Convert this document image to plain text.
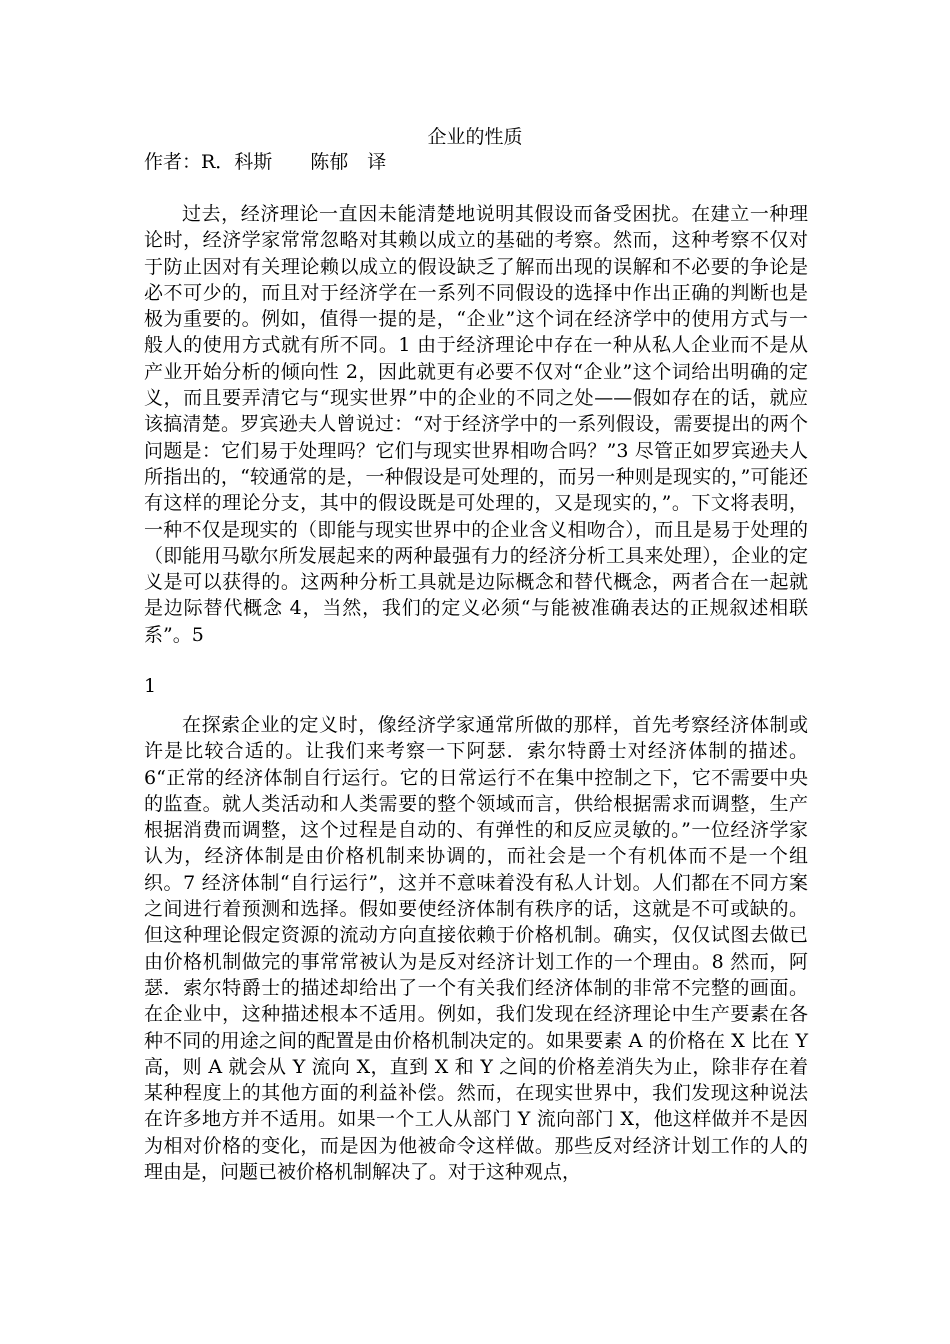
企业的性质
作者：R．科斯　　陈郁　译

过去，经济理论一直因未能清楚地说明其假设而备受困扰。在建立一种理论时，经济学家常常忽略对其赖以成立的基础的考察。然而，这种考察不仅对于防止因对有关理论赖以成立的假设缺乏了解而出现的误解和不必要的争论是必不可少的，而且对于经济学在一系列不同假设的选择中作出正确的判断也是极为重要的。例如，值得一提的是，“企业”这个词在经济学中的使用方式与一般人的使用方式就有所不同。1 由于经济理论中存在一种从私人企业而不是从产业开始分析的倾向性 2，因此就更有必要不仅对“企业”这个词给出明确的定义，而且要弄清它与“现实世界”中的企业的不同之处——假如存在的话，就应该搞清楚。罗宾逊夫人曾说过：“对于经济学中的一系列假设，需要提出的两个问题是：它们易于处理吗？它们与现实世界相吻合吗？”3 尽管正如罗宾逊夫人所指出的，“较通常的是，一种假设是可处理的，而另一种则是现实的，”可能还有这样的理论分支，其中的假设既是可处理的，又是现实的，”。下文将表明，一种不仅是现实的（即能与现实世界中的企业含义相吻合），而且是易于处理的（即能用马歇尔所发展起来的两种最强有力的经济分析工具来处理），企业的定义是可以获得的。这两种分析工具就是边际概念和替代概念，两者合在一起就是边际替代概念 4，当然，我们的定义必须“与能被准确表达的正规叙述相联系”。5

1

在探索企业的定义时，像经济学家通常所做的那样，首先考察经济体制或许是比较合适的。让我们来考察一下阿瑟．索尔特爵士对经济体制的描述。6“正常的经济体制自行运行。它的日常运行不在集中控制之下，它不需要中央的监查。就人类活动和人类需要的整个领域而言，供给根据需求而调整，生产根据消费而调整，这个过程是自动的、有弹性的和反应灵敏的。”一位经济学家认为，经济体制是由价格机制来协调的，而社会是一个有机体而不是一个组织。7 经济体制“自行运行”，这并不意味着没有私人计划。人们都在不同方案之间进行着预测和选择。假如要使经济体制有秩序的话，这就是不可或缺的。但这种理论假定资源的流动方向直接依赖于价格机制。确实，仅仅试图去做已由价格机制做完的事常常被认为是反对经济计划工作的一个理由。8 然而，阿瑟．索尔特爵士的描述却给出了一个有关我们经济体制的非常不完整的画面。在企业中，这种描述根本不适用。例如，我们发现在经济理论中生产要素在各种不同的用途之间的配置是由价格机制决定的。如果要素 A 的价格在 X 比在 Y 高，则 A 就会从 Y 流向 X，直到 X 和 Y 之间的价格差消失为止，除非存在着某种程度上的其他方面的利益补偿。然而，在现实世界中，我们发现这种说法在许多地方并不适用。如果一个工人从部门 Y 流向部门 X，他这样做并不是因为相对价格的变化，而是因为他被命令这样做。那些反对经济计划工作的人的理由是，问题已被价格机制解决了。对于这种观点，
